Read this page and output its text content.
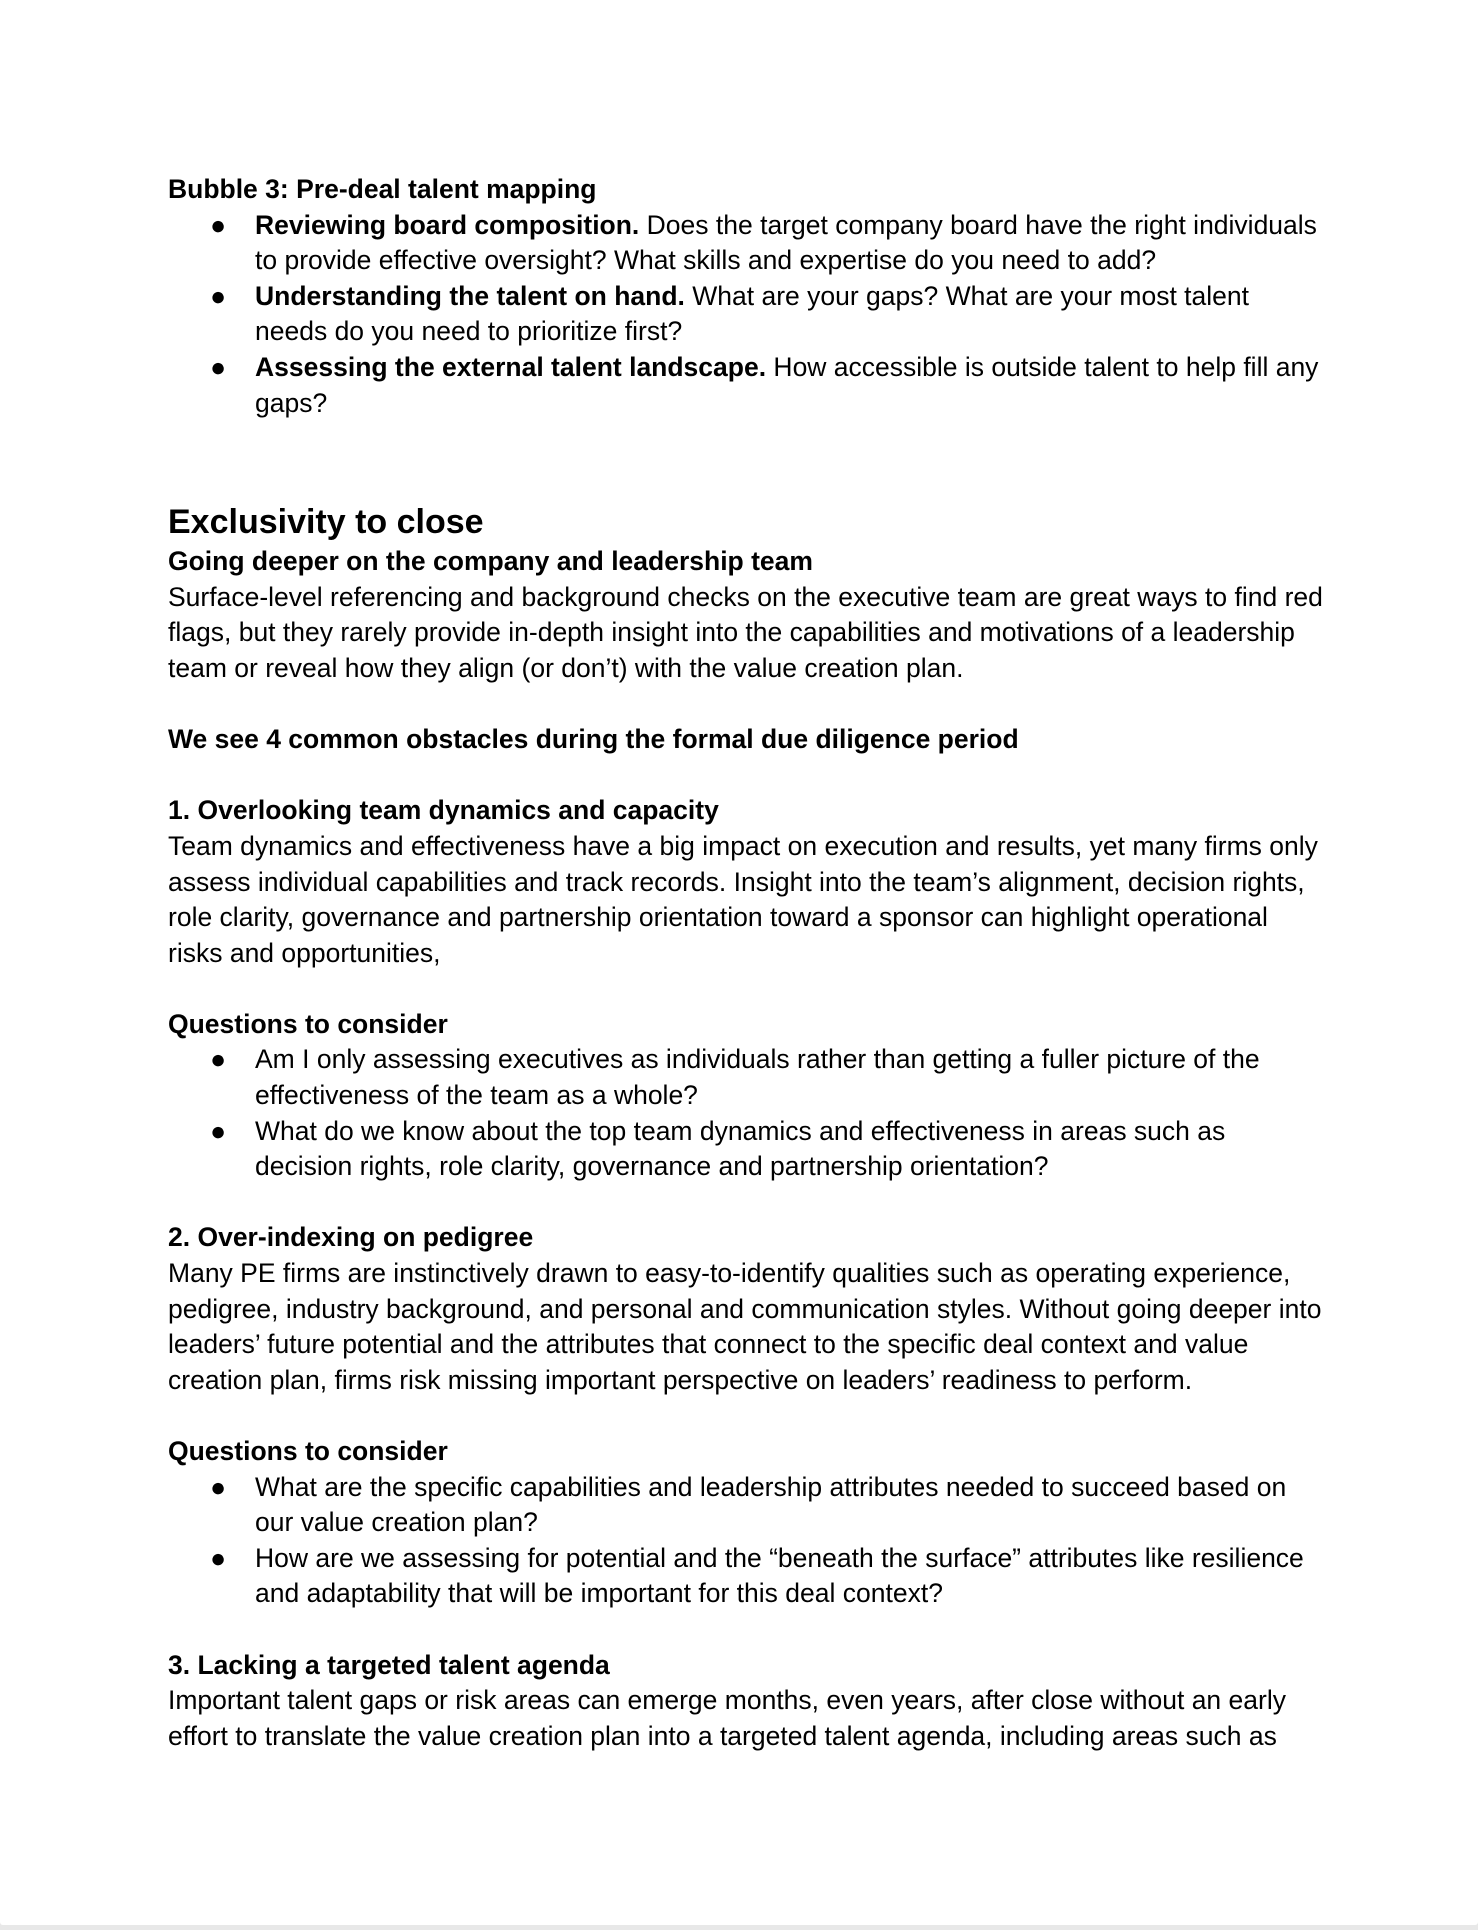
Bubble 3: Pre-deal talent mapping

● Reviewing board composition. Does the target company board have the right individuals to provide effective oversight? What skills and expertise do you need to add?
● Understanding the talent on hand. What are your gaps? What are your most talent needs do you need to prioritize first?
● Assessing the external talent landscape. How accessible is outside talent to help fill any gaps?

Exclusivity to close

Going deeper on the company and leadership team

Surface-level referencing and background checks on the executive team are great ways to find red flags, but they rarely provide in-depth insight into the capabilities and motivations of a leadership team or reveal how they align (or don’t) with the value creation plan.

We see 4 common obstacles during the formal due diligence period

1. Overlooking team dynamics and capacity

Team dynamics and effectiveness have a big impact on execution and results, yet many firms only assess individual capabilities and track records. Insight into the team’s alignment, decision rights, role clarity, governance and partnership orientation toward a sponsor can highlight operational risks and opportunities,

Questions to consider

● Am I only assessing executives as individuals rather than getting a fuller picture of the effectiveness of the team as a whole?
● What do we know about the top team dynamics and effectiveness in areas such as decision rights, role clarity, governance and partnership orientation?

2. Over-indexing on pedigree

Many PE firms are instinctively drawn to easy-to-identify qualities such as operating experience, pedigree, industry background, and personal and communication styles. Without going deeper into leaders’ future potential and the attributes that connect to the specific deal context and value creation plan, firms risk missing important perspective on leaders’ readiness to perform.

Questions to consider

● What are the specific capabilities and leadership attributes needed to succeed based on our value creation plan?
● How are we assessing for potential and the “beneath the surface” attributes like resilience and adaptability that will be important for this deal context?

3. Lacking a targeted talent agenda

Important talent gaps or risk areas can emerge months, even years, after close without an early effort to translate the value creation plan into a targeted talent agenda, including areas such as
